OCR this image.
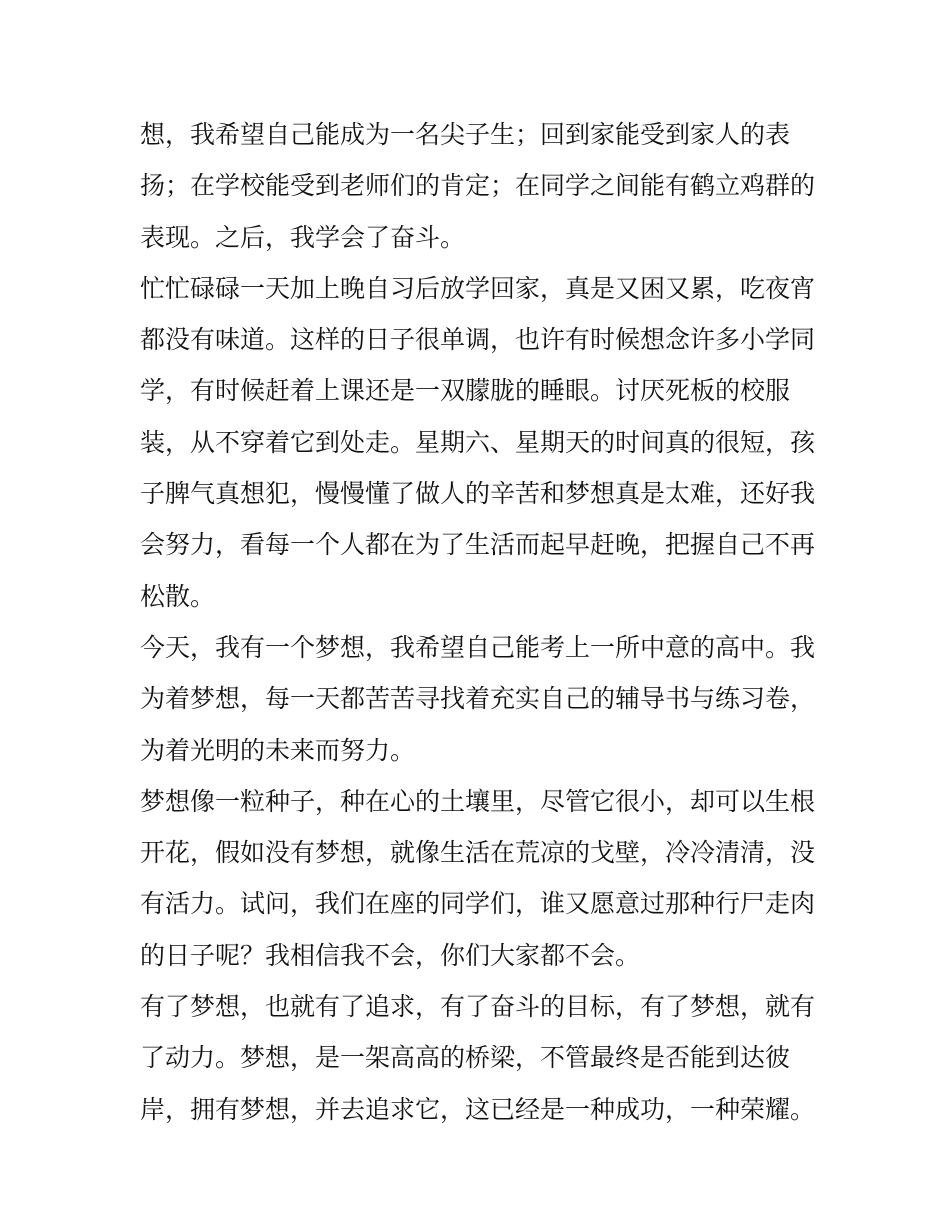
想，我希望自己能成为一名尖子生；回到家能受到家人的表
扬；在学校能受到老师们的肯定；在同学之间能有鹤立鸡群的
表现。之后，我学会了奋斗。
忙忙碌碌一天加上晚自习后放学回家，真是又困又累，吃夜宵
都没有味道。这样的日子很单调，也许有时候想念许多小学同
学，有时候赶着上课还是一双朦胧的睡眼。讨厌死板的校服
装，从不穿着它到处走。星期六、星期天的时间真的很短，孩
子脾气真想犯，慢慢懂了做人的辛苦和梦想真是太难，还好我
会努力，看每一个人都在为了生活而起早赶晚，把握自己不再
松散。
今天，我有一个梦想，我希望自己能考上一所中意的高中。我
为着梦想，每一天都苦苦寻找着充实自己的辅导书与练习卷，
为着光明的未来而努力。
梦想像一粒种子，种在心的土壤里，尽管它很小，却可以生根
开花，假如没有梦想，就像生活在荒凉的戈壁，冷冷清清，没
有活力。试问，我们在座的同学们，谁又愿意过那种行尸走肉
的日子呢？我相信我不会，你们大家都不会。
有了梦想，也就有了追求，有了奋斗的目标，有了梦想，就有
了动力。梦想，是一架高高的桥梁，不管最终是否能到达彼
岸，拥有梦想，并去追求它，这已经是一种成功，一种荣耀。
